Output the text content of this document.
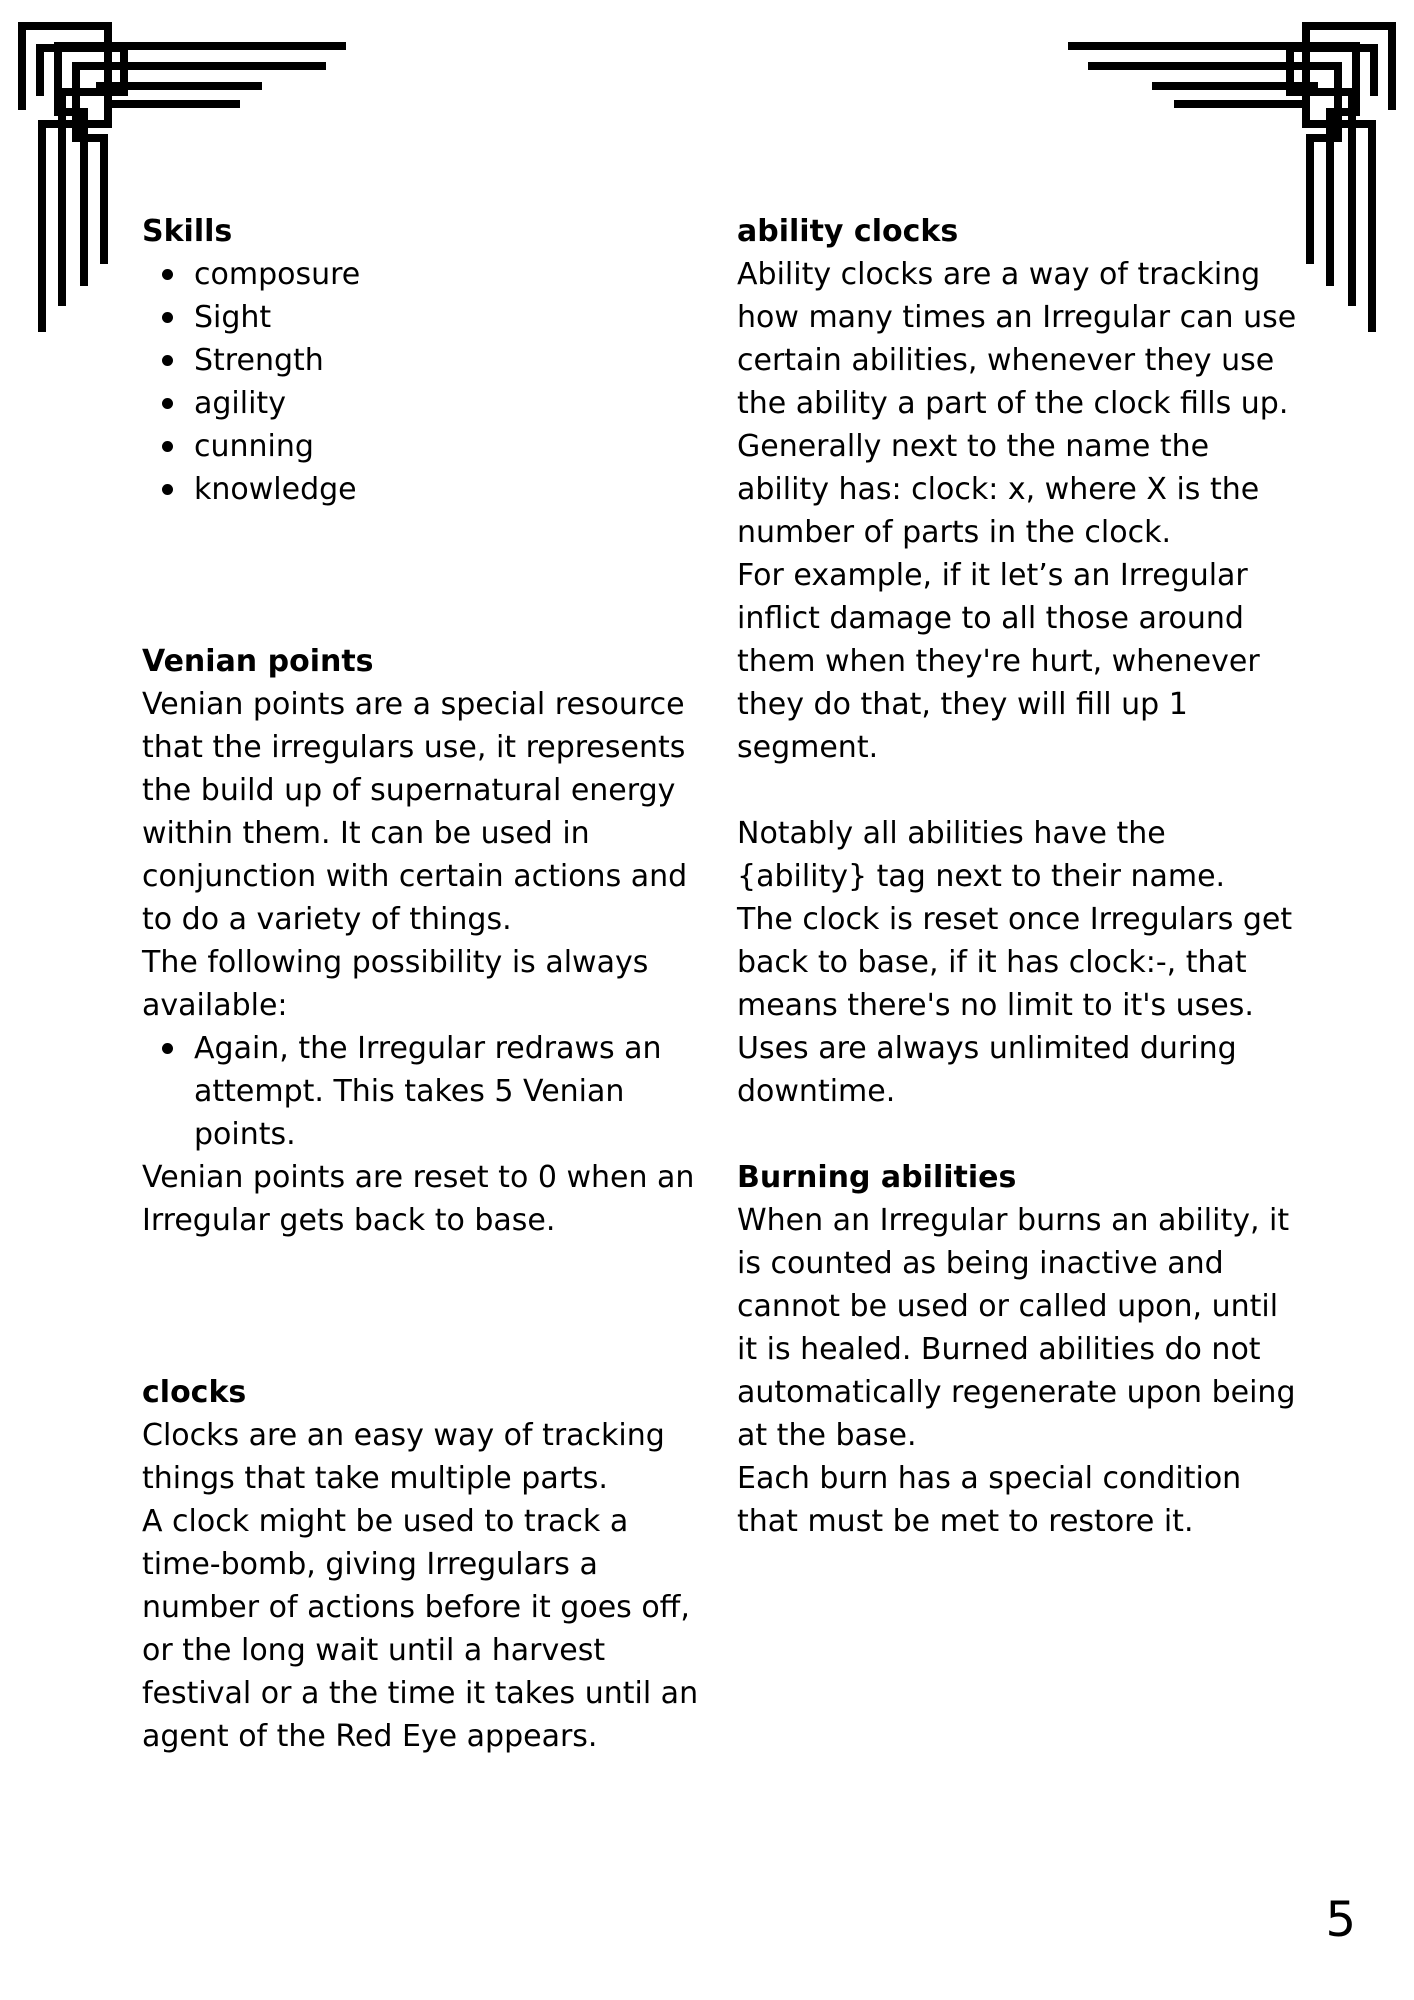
Skills
composure
Sight
Strength
agility
cunning
knowledge
Venian points

Venian points are a special resource that the irregulars use, it represents the build up of supernatural energy within them. It can be used in conjunction with certain actions and to do a variety of things.

The following possibility is always available:

Again, the Irregular redraws an attempt. This takes 5 Venian points.

Venian points are reset to 0 when an Irregular gets back to base.

clocks

Clocks are an easy way of tracking things that take multiple parts.

A clock might be used to track a time-bomb, giving Irregulars a number of actions before it goes off, or the long wait until a harvest festival or a the time it takes until an agent of the Red Eye appears.

ability clocks

Ability clocks are a way of tracking how many times an Irregular can use certain abilities, whenever they use the ability a part of the clock fills up.

Generally next to the name the ability has: clock: x, where X is the number of parts in the clock.

For example, if it let’s an Irregular inflict damage to all those around them when they're hurt, whenever they do that, they will fill up 1 segment.

Notably all abilities have the {ability} tag next to their name.

The clock is reset once Irregulars get back to base, if it has clock:-, that means there's no limit to it's uses.

Uses are always unlimited during downtime.

Burning abilities

When an Irregular burns an ability, it is counted as being inactive and cannot be used or called upon, until it is healed. Burned abilities do not automatically regenerate upon being at the base.

Each burn has a special condition that must be met to restore it.

5
